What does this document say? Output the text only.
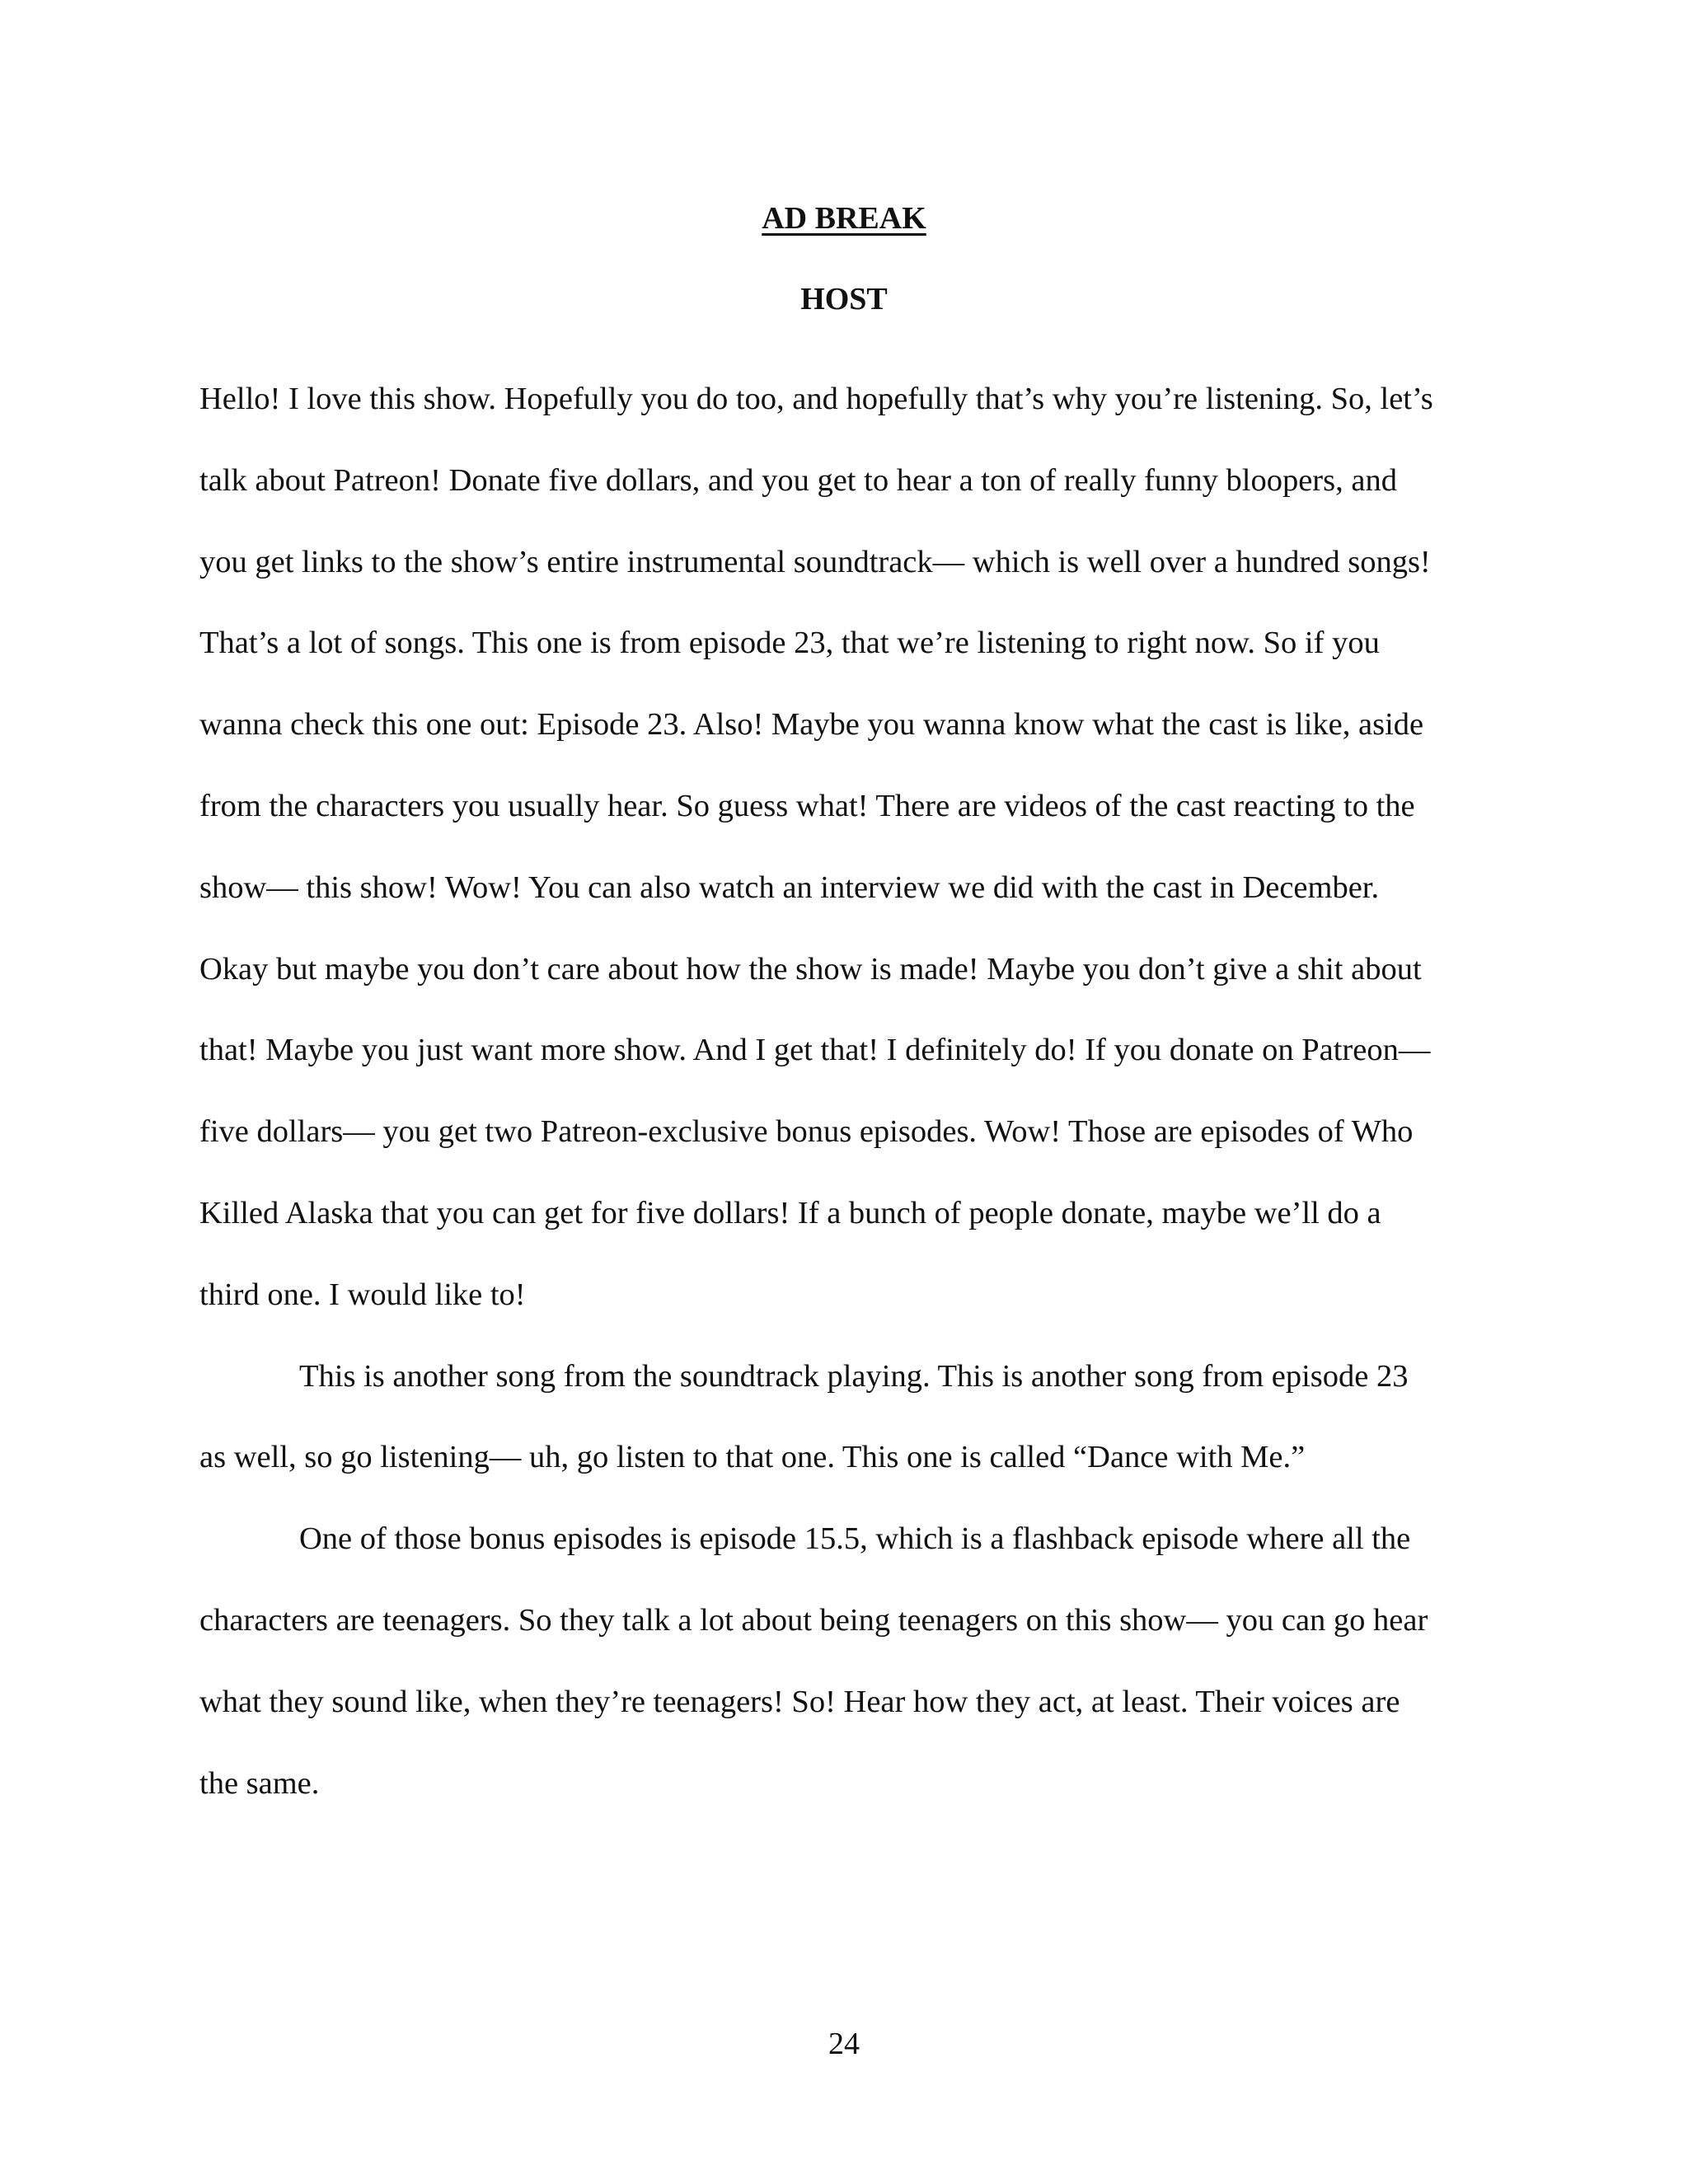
AD BREAK
HOST
Hello! I love this show. Hopefully you do too, and hopefully that’s why you’re listening. So, let’s
talk about Patreon! Donate five dollars, and you get to hear a ton of really funny bloopers, and
you get links to the show’s entire instrumental soundtrack— which is well over a hundred songs!
That’s a lot of songs. This one is from episode 23, that we’re listening to right now. So if you
wanna check this one out: Episode 23. Also! Maybe you wanna know what the cast is like, aside
from the characters you usually hear. So guess what! There are videos of the cast reacting to the
show— this show! Wow! You can also watch an interview we did with the cast in December.
Okay but maybe you don’t care about how the show is made! Maybe you don’t give a shit about
that! Maybe you just want more show. And I get that! I definitely do! If you donate on Patreon—
five dollars— you get two Patreon-exclusive bonus episodes. Wow! Those are episodes of Who
Killed Alaska that you can get for five dollars! If a bunch of people donate, maybe we’ll do a
third one. I would like to!
This is another song from the soundtrack playing. This is another song from episode 23
as well, so go listening— uh, go listen to that one. This one is called “Dance with Me.”
One of those bonus episodes is episode 15.5, which is a flashback episode where all the
characters are teenagers. So they talk a lot about being teenagers on this show— you can go hear
what they sound like, when they’re teenagers! So! Hear how they act, at least. Their voices are
the same.
24
